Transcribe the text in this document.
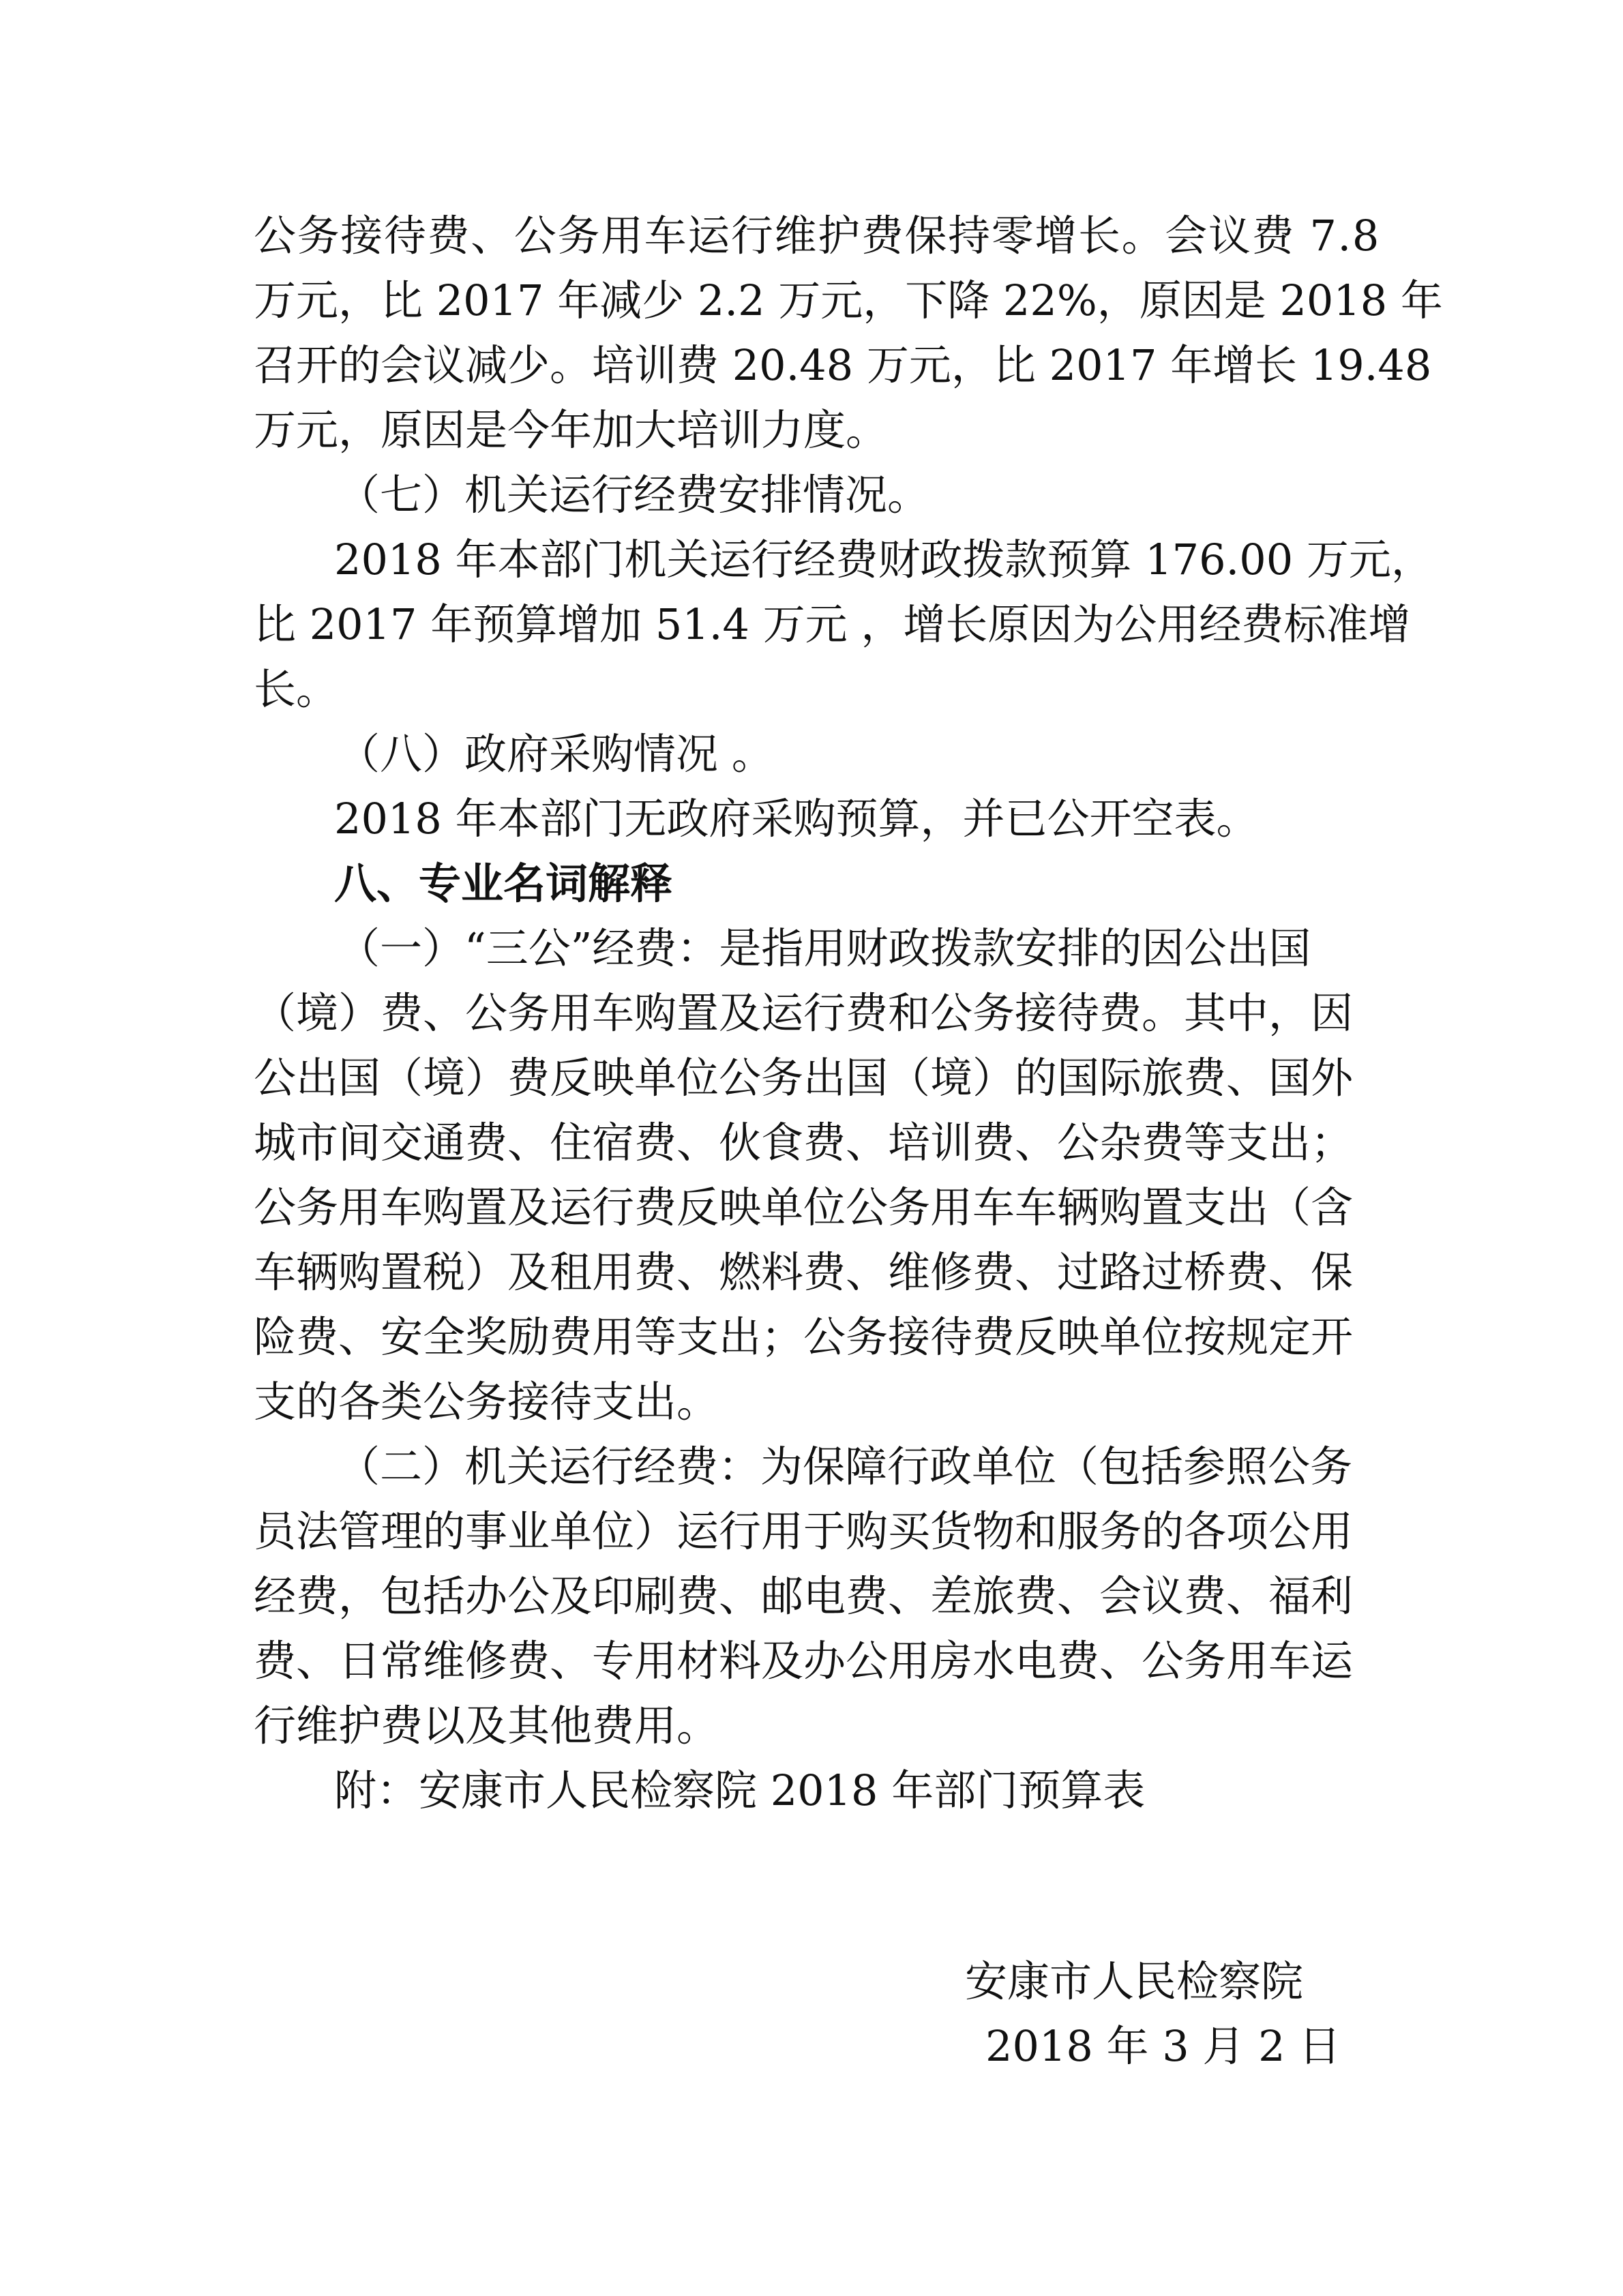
公务接待费、公务用车运行维护费保持零增长。会议费 7.8
万元，比 2017 年减少 2.2 万元，下降 22%，原因是 2018 年
召开的会议减少。培训费 20.48 万元，比 2017 年增长 19.48
万元，原因是今年加大培训力度。
（七）机关运行经费安排情况。
2018 年本部门机关运行经费财政拨款预算 176.00 万元，
比 2017 年预算增加 51.4 万元 ，增长原因为公用经费标准增
长。
（八）政府采购情况 。
2018 年本部门无政府采购预算，并已公开空表。
八、专业名词解释
（一）“三公”经费：是指用财政拨款安排的因公出国
（境）费、公务用车购置及运行费和公务接待费。其中，因
公出国（境）费反映单位公务出国（境）的国际旅费、国外
城市间交通费、住宿费、伙食费、培训费、公杂费等支出；
公务用车购置及运行费反映单位公务用车车辆购置支出（含
车辆购置税）及租用费、燃料费、维修费、过路过桥费、保
险费、安全奖励费用等支出；公务接待费反映单位按规定开
支的各类公务接待支出。
（二）机关运行经费：为保障行政单位（包括参照公务
员法管理的事业单位）运行用于购买货物和服务的各项公用
经费，包括办公及印刷费、邮电费、差旅费、会议费、福利
费、日常维修费、专用材料及办公用房水电费、公务用车运
行维护费以及其他费用。
附：安康市人民检察院 2018 年部门预算表
安康市人民检察院
2018 年 3 月 2 日
